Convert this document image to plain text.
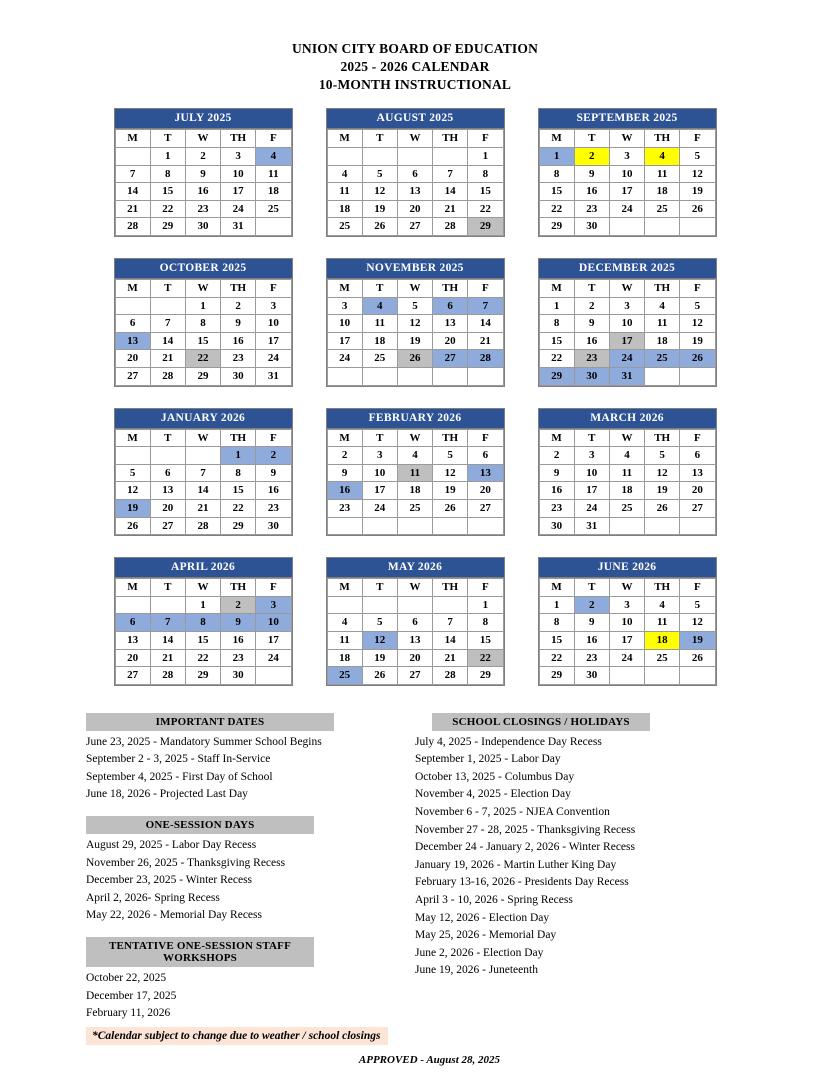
UNION CITY BOARD OF EDUCATION
2025 - 2026 CALENDAR
10-MONTH INSTRUCTIONAL
JULY 2025
M	T	W	TH	F
	1	2	3	4
7	8	9	10	11
14	15	16	17	18
21	22	23	24	25
28	29	30	31	
AUGUST 2025
M	T	W	TH	F
				1
4	5	6	7	8
11	12	13	14	15
18	19	20	21	22
25	26	27	28	29
SEPTEMBER 2025
M	T	W	TH	F
1	2	3	4	5
8	9	10	11	12
15	16	17	18	19
22	23	24	25	26
29	30			
OCTOBER 2025
M	T	W	TH	F
		1	2	3
6	7	8	9	10
13	14	15	16	17
20	21	22	23	24
27	28	29	30	31
NOVEMBER 2025
M	T	W	TH	F
3	4	5	6	7
10	11	12	13	14
17	18	19	20	21
24	25	26	27	28

DECEMBER 2025
M	T	W	TH	F
1	2	3	4	5
8	9	10	11	12
15	16	17	18	19
22	23	24	25	26
29	30	31		
JANUARY 2026
M	T	W	TH	F
			1	2
5	6	7	8	9
12	13	14	15	16
19	20	21	22	23
26	27	28	29	30
FEBRUARY 2026
M	T	W	TH	F
2	3	4	5	6
9	10	11	12	13
16	17	18	19	20
23	24	25	26	27

MARCH 2026
M	T	W	TH	F
2	3	4	5	6
9	10	11	12	13
16	17	18	19	20
23	24	25	26	27
30	31			
APRIL 2026
M	T	W	TH	F
		1	2	3
6	7	8	9	10
13	14	15	16	17
20	21	22	23	24
27	28	29	30	
MAY 2026
M	T	W	TH	F
				1
4	5	6	7	8
11	12	13	14	15
18	19	20	21	22
25	26	27	28	29
JUNE 2026
M	T	W	TH	F
1	2	3	4	5
8	9	10	11	12
15	16	17	18	19
22	23	24	25	26
29	30			
IMPORTANT DATES
June 23, 2025 - Mandatory Summer School Begins
September 2 - 3, 2025 - Staff In-Service
September 4, 2025 - First Day of School
June 18, 2026 - Projected Last Day
ONE-SESSION DAYS
August 29, 2025 - Labor Day Recess
November 26, 2025 - Thanksgiving Recess
December 23, 2025 - Winter Recess
April 2, 2026- Spring Recess
May 22, 2026 - Memorial Day Recess
TENTATIVE ONE-SESSION STAFF WORKSHOPS
October 22, 2025
December 17, 2025
February 11, 2026
SCHOOL CLOSINGS / HOLIDAYS
July 4, 2025 - Independence Day Recess
September 1, 2025 - Labor Day
October 13, 2025 - Columbus Day
November 4, 2025 - Election Day
November 6 - 7, 2025 - NJEA Convention
November 27 - 28, 2025 - Thanksgiving Recess
December 24 - January 2, 2026 - Winter Recess
January 19, 2026 - Martin Luther King Day
February 13-16, 2026 - Presidents Day Recess
April 3 - 10, 2026 - Spring Recess
May 12, 2026 - Election Day
May 25, 2026 - Memorial Day
June 2, 2026 - Election Day
June 19, 2026 - Juneteenth
*Calendar subject to change due to weather / school closings
APPROVED - August 28, 2025
